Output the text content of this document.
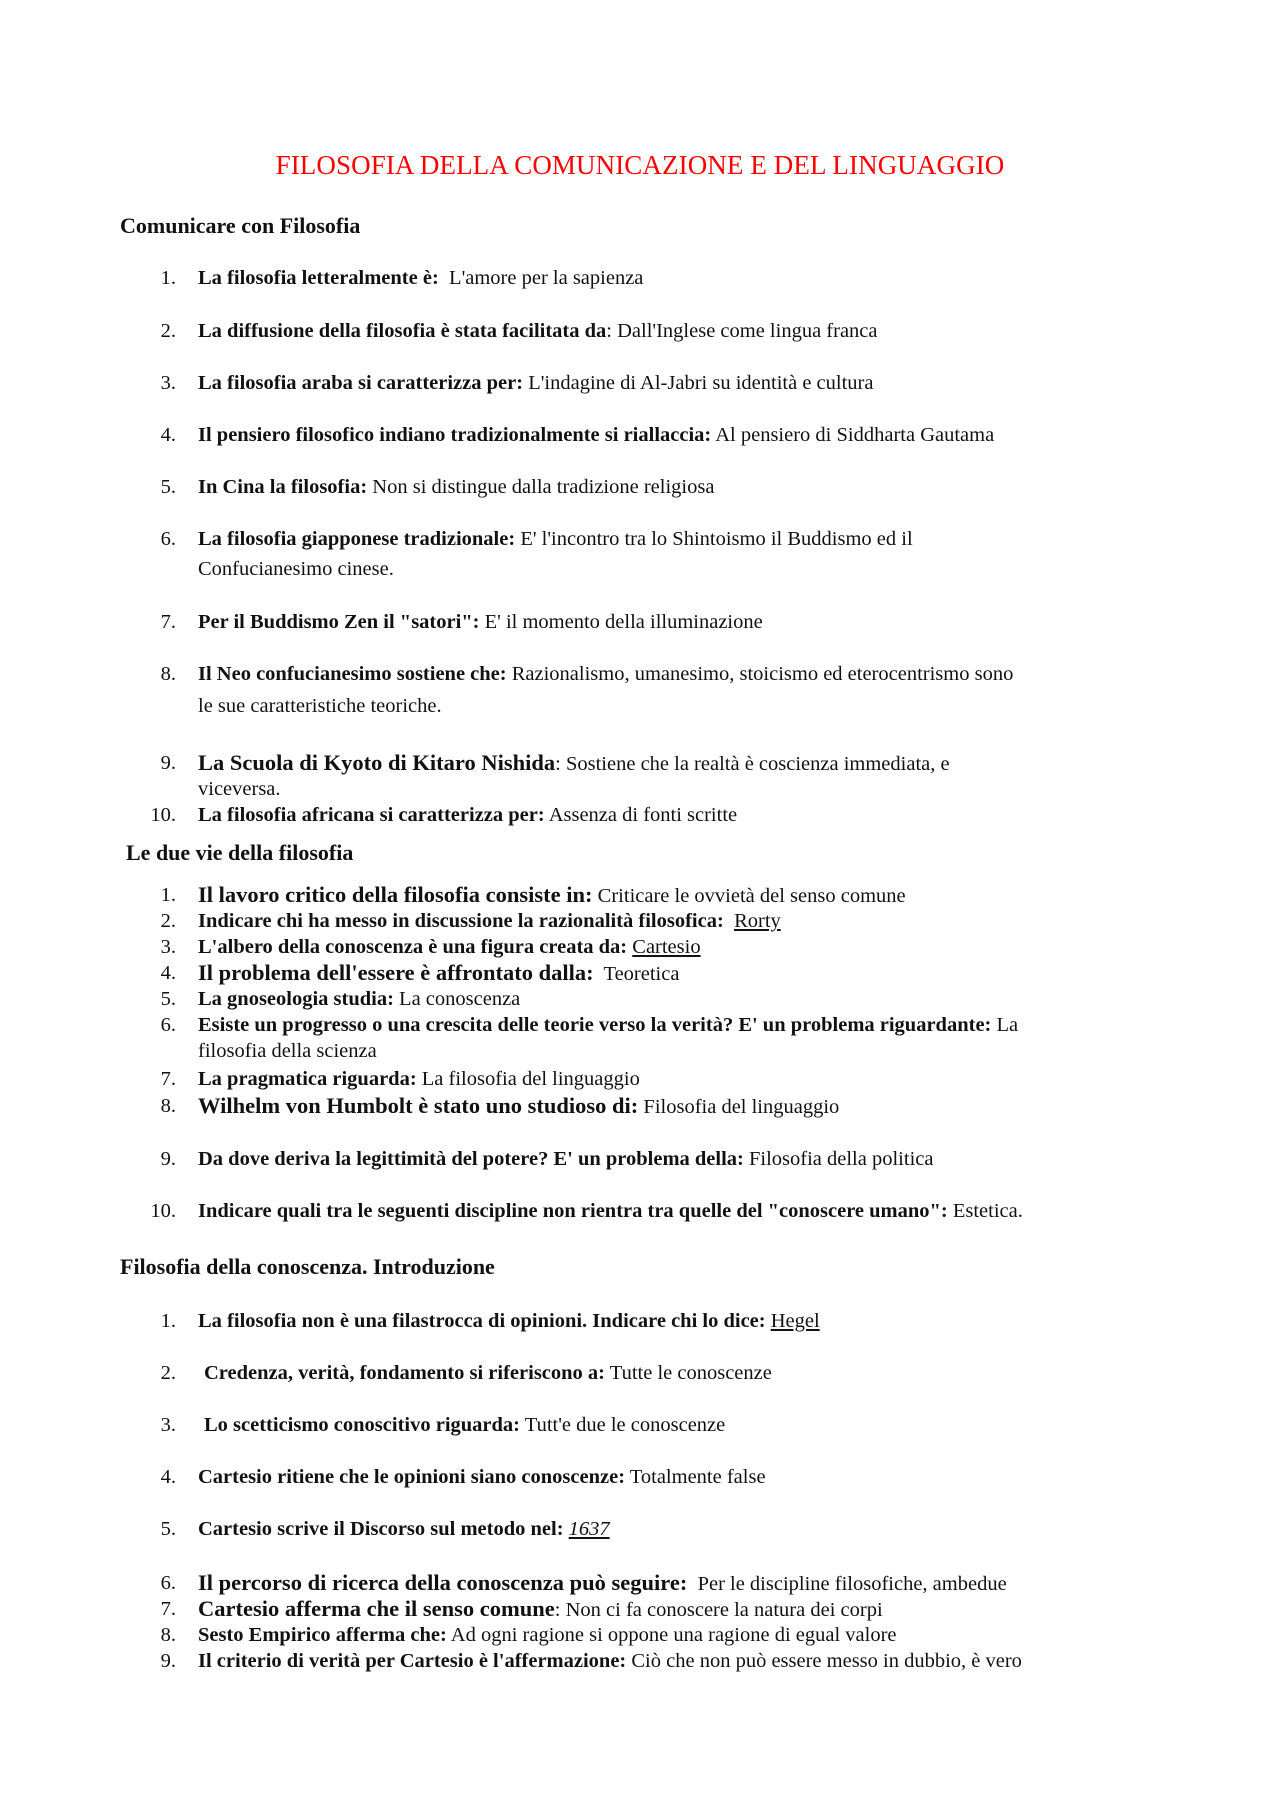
FILOSOFIA DELLA COMUNICAZIONE E DEL LINGUAGGIO
Comunicare con Filosofia
1. La filosofia letteralmente è: L'amore per la sapienza
2. La diffusione della filosofia è stata facilitata da: Dall'Inglese come lingua franca
3. La filosofia araba si caratterizza per: L'indagine di Al-Jabri su identità e cultura
4. Il pensiero filosofico indiano tradizionalmente si riallaccia: Al pensiero di Siddharta Gautama
5. In Cina la filosofia: Non si distingue dalla tradizione religiosa
6. La filosofia giapponese tradizionale: E' l'incontro tra lo Shintoismo il Buddismo ed il
Confucianesimo cinese.
7. Per il Buddismo Zen il "satori": E' il momento della illuminazione
8. Il Neo confucianesimo sostiene che: Razionalismo, umanesimo, stoicismo ed eterocentrismo sono
le sue caratteristiche teoriche.
9. La Scuola di Kyoto di Kitaro Nishida: Sostiene che la realtà è coscienza immediata, e
viceversa.
10. La filosofia africana si caratterizza per: Assenza di fonti scritte
Le due vie della filosofia
1. Il lavoro critico della filosofia consiste in: Criticare le ovvietà del senso comune
2. Indicare chi ha messo in discussione la razionalità filosofica: Rorty
3. L'albero della conoscenza è una figura creata da: Cartesio
4. Il problema dell'essere è affrontato dalla: Teoretica
5. La gnoseologia studia: La conoscenza
6. Esiste un progresso o una crescita delle teorie verso la verità? E' un problema riguardante: La
filosofia della scienza
7. La pragmatica riguarda: La filosofia del linguaggio
8. Wilhelm von Humbolt è stato uno studioso di: Filosofia del linguaggio
9. Da dove deriva la legittimità del potere? E' un problema della: Filosofia della politica
10. Indicare quali tra le seguenti discipline non rientra tra quelle del "conoscere umano": Estetica.
Filosofia della conoscenza. Introduzione
1. La filosofia non è una filastrocca di opinioni. Indicare chi lo dice: Hegel
2. Credenza, verità, fondamento si riferiscono a: Tutte le conoscenze
3. Lo scetticismo conoscitivo riguarda: Tutt'e due le conoscenze
4. Cartesio ritiene che le opinioni siano conoscenze: Totalmente false
5. Cartesio scrive il Discorso sul metodo nel: 1637
6. Il percorso di ricerca della conoscenza può seguire: Per le discipline filosofiche, ambedue
7. Cartesio afferma che il senso comune: Non ci fa conoscere la natura dei corpi
8. Sesto Empirico afferma che: Ad ogni ragione si oppone una ragione di egual valore
9. Il criterio di verità per Cartesio è l'affermazione: Ciò che non può essere messo in dubbio, è vero
